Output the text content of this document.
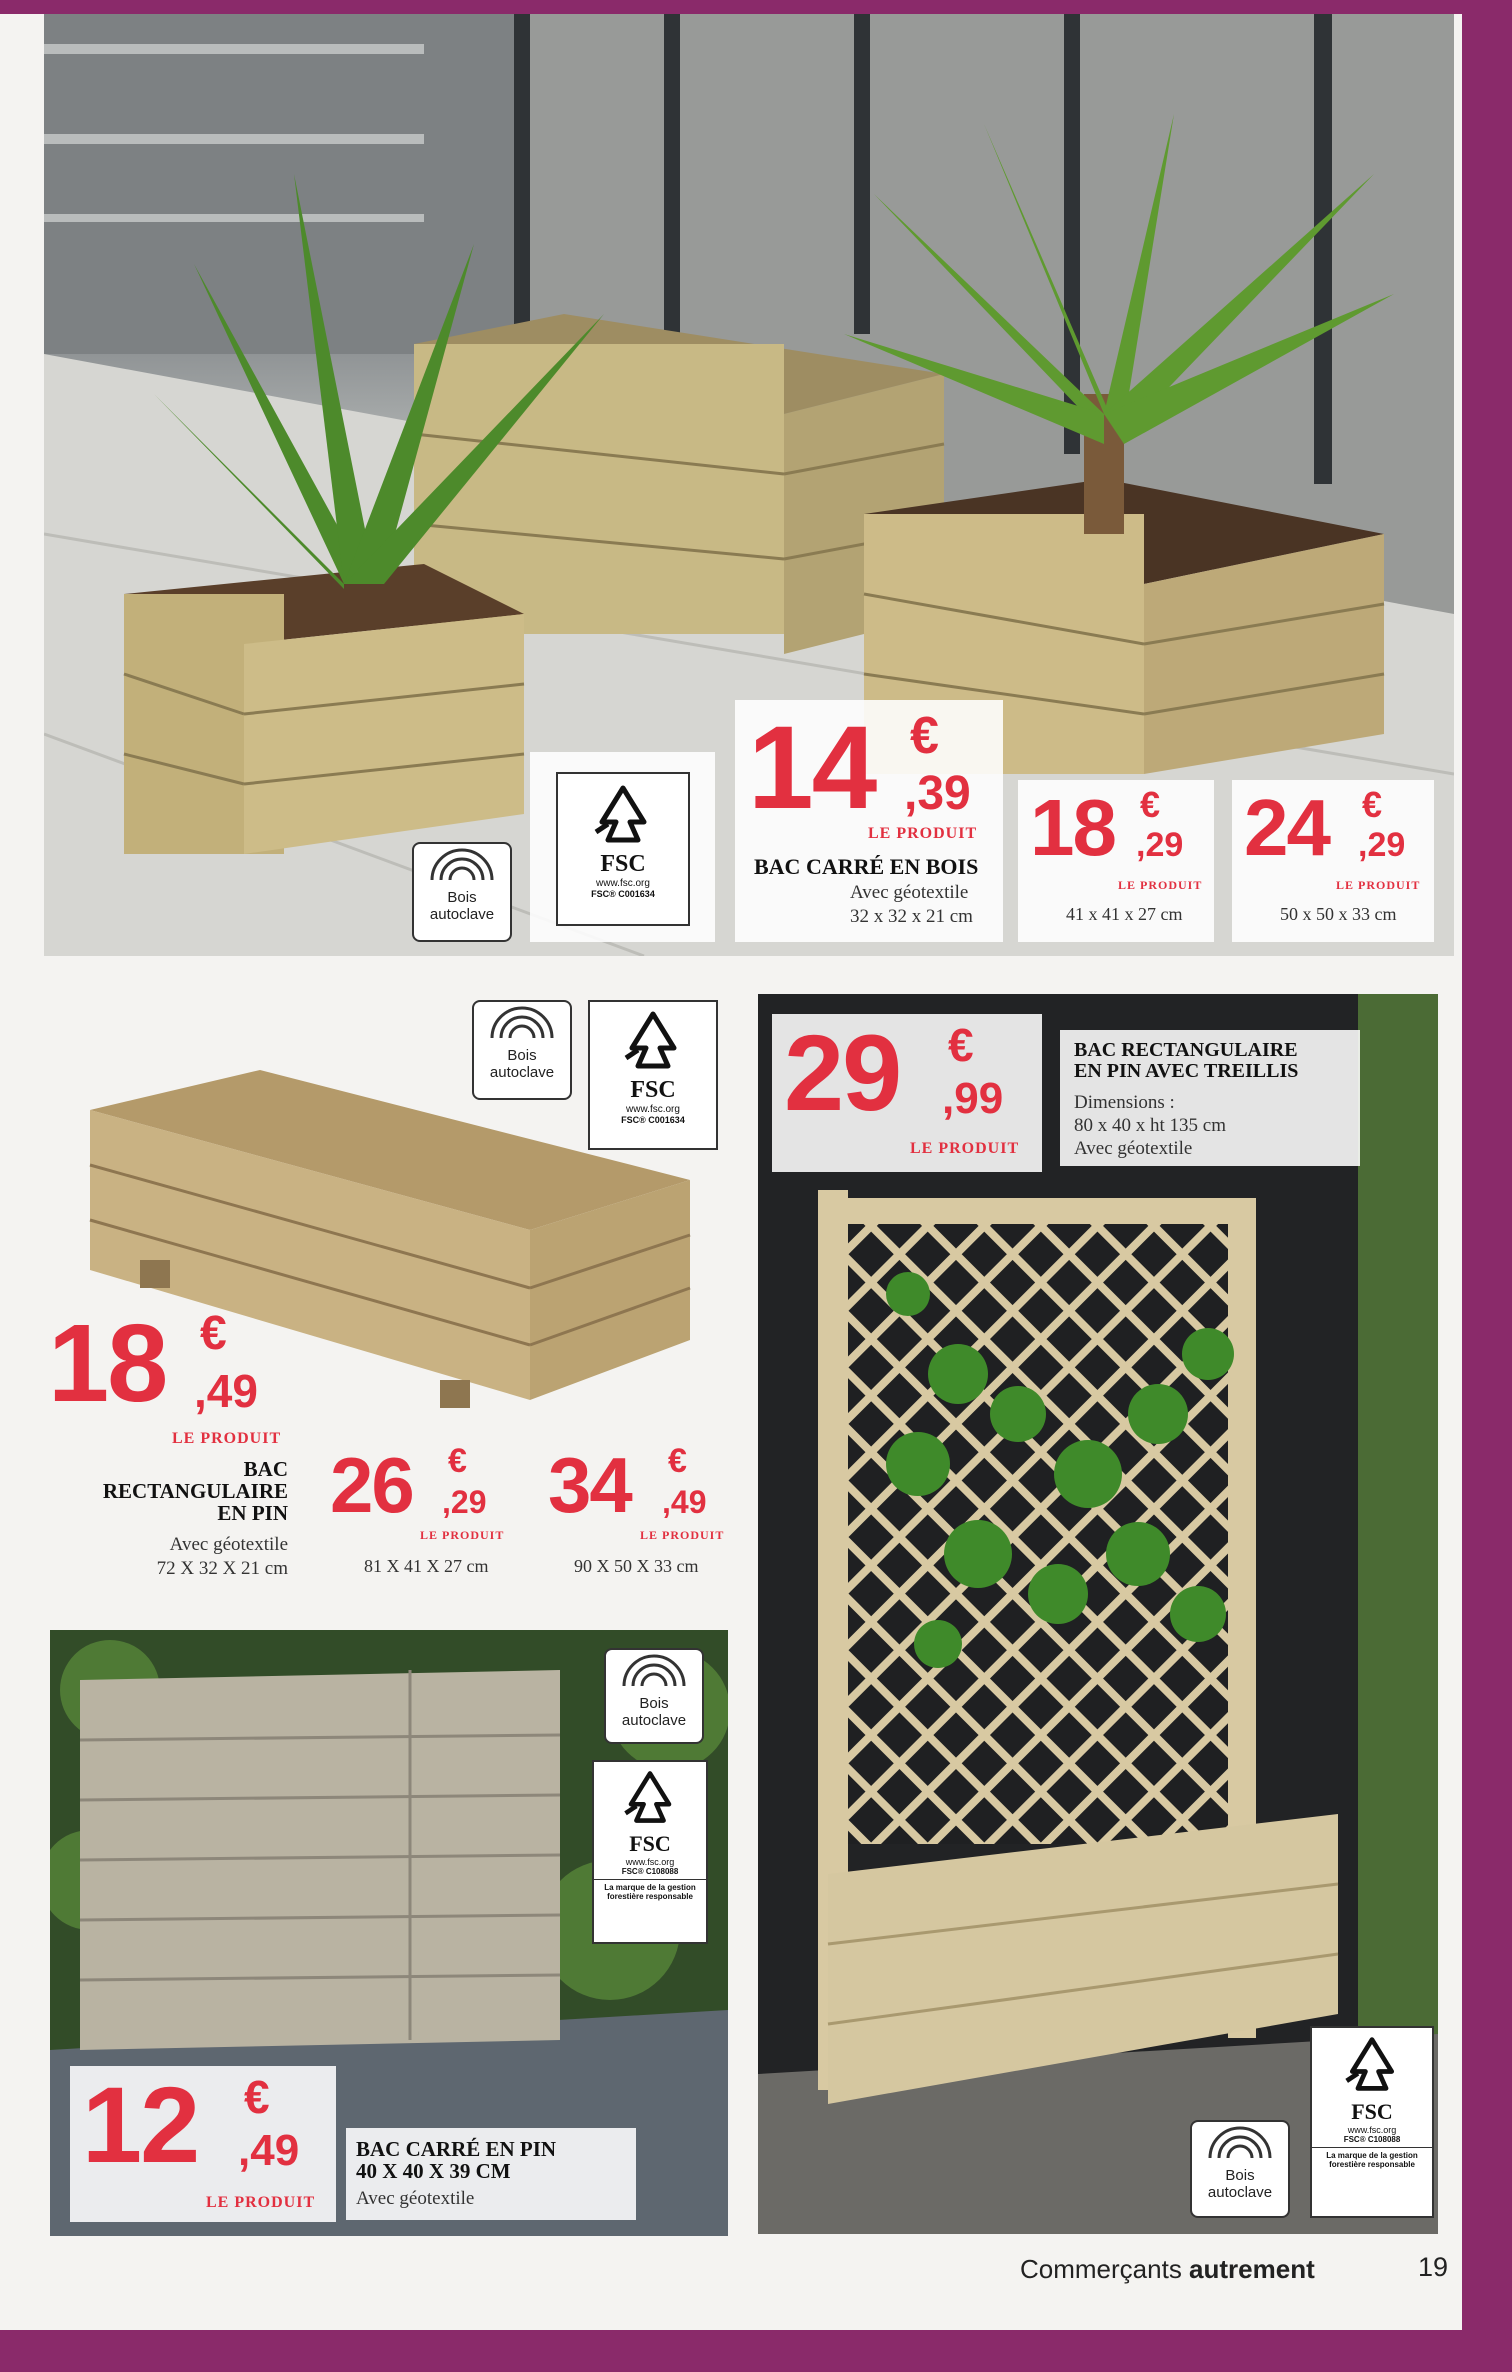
Bois
autoclave
FSC
www.fsc.org
FSC® C001634
14 €
,39
LE PRODUIT
BAC CARRÉ EN BOIS
Avec géotextile
32 x 32 x 21 cm
18 €
,29
LE PRODUIT
41 x 41 x 27 cm
24 €
,29
LE PRODUIT
50 x 50 x 33 cm
Bois
autoclave
FSC
www.fsc.org
FSC® C001634
18 €
,49
LE PRODUIT
BAC
RECTANGULAIRE
EN PIN
Avec géotextile
72 X 32 X 21 cm
26 €
,29
LE PRODUIT
81 X 41 X 27 cm
34 €
,49
LE PRODUIT
90 X 50 X 33 cm
Bois
autoclave
FSC
www.fsc.org
FSC® C108088
La marque de la gestion forestière responsable
12 €
,49
LE PRODUIT
BAC CARRÉ EN PIN
40 X 40 X 39 CM
Avec géotextile
29 €
,99
LE PRODUIT
BAC RECTANGULAIRE
EN PIN AVEC TREILLIS
Dimensions :
80 x 40 x ht 135 cm
Avec géotextile
Bois
autoclave
FSC
www.fsc.org
FSC® C108088
La marque de la gestion forestière responsable
Commerçants autrement	19
